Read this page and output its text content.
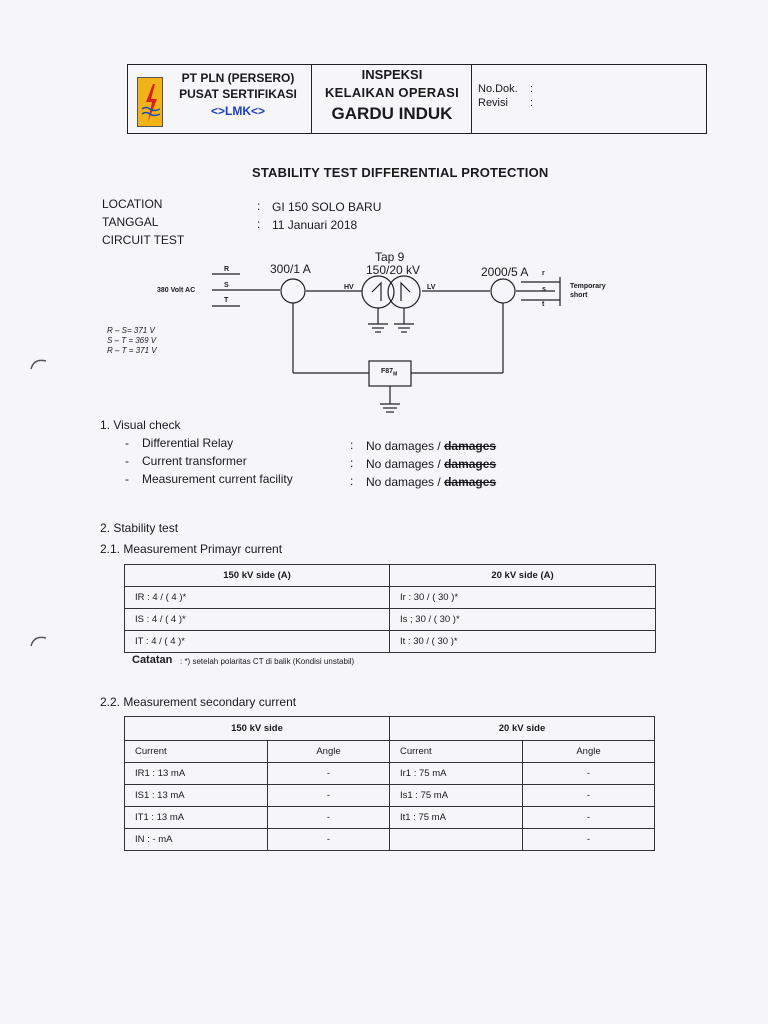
PT PLN (PERSERO)
PUSAT SERTIFIKASI
<>LMK<>
INSPEKSI
KELAIKAN OPERASI
GARDU INDUK
No.Dok. :
Revisi :
STABILITY TEST DIFFERENTIAL PROTECTION
LOCATION	: GI 150 SOLO BARU
TANGGAL	: 11 Januari 2018
CIRCUIT TEST
R
S
T
380 Volt AC
300/1 A
Tap 9
150/20 kV	2000/5 A
HV	LV
r
s
t
Temporary
short
$F87_M$
R – S= 371 V
S – T = 369 V
R – T = 371 V
1. Visual check
- Differential Relay	: No damages / damages
- Current transformer	: No damages / damages
- Measurement current facility	: No damages / damages
2. Stability test
2.1. Measurement Primayr current
150 kV side (A)	20 kV side (A)
IR : 4 / ( 4 )*	Ir : 30 / ( 30 )*
IS : 4 / ( 4 )*	Is ; 30 / ( 30 )*
IT : 4 / ( 4 )*	It : 30 / ( 30 )*
Catatan : *) setelah polaritas CT di balik (Kondisi unstabil)
2.2. Measurement secondary current
150 kV side		20 kV side	
Current	Angle	Current	Angle
IR1 : 13 mA	-	Ir1 : 75 mA	-
IS1 : 13 mA	-	Is1 : 75 mA	-
IT1 : 13 mA	-	It1 : 75 mA	-
IN : - mA	-		-
